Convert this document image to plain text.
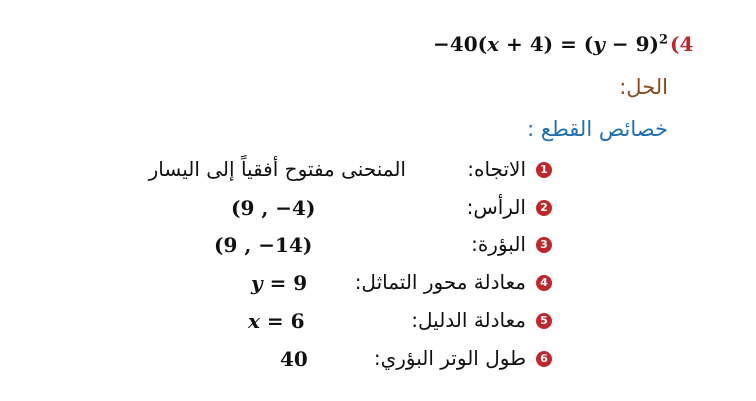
$-40(x + 4) = (y - 9)^2$ 4)
الحل:
خصائص القطع :
1
الاتجاه:
المنحنى مفتوح أفقياً إلى اليسار
2
الرأس:
(9 , −4)
3
البؤرة:
(9 , −14)
4
معادلة محور التماثل:
y = 9
5
معادلة الدليل:
x = 6
6
طول الوتر البؤري:
40
